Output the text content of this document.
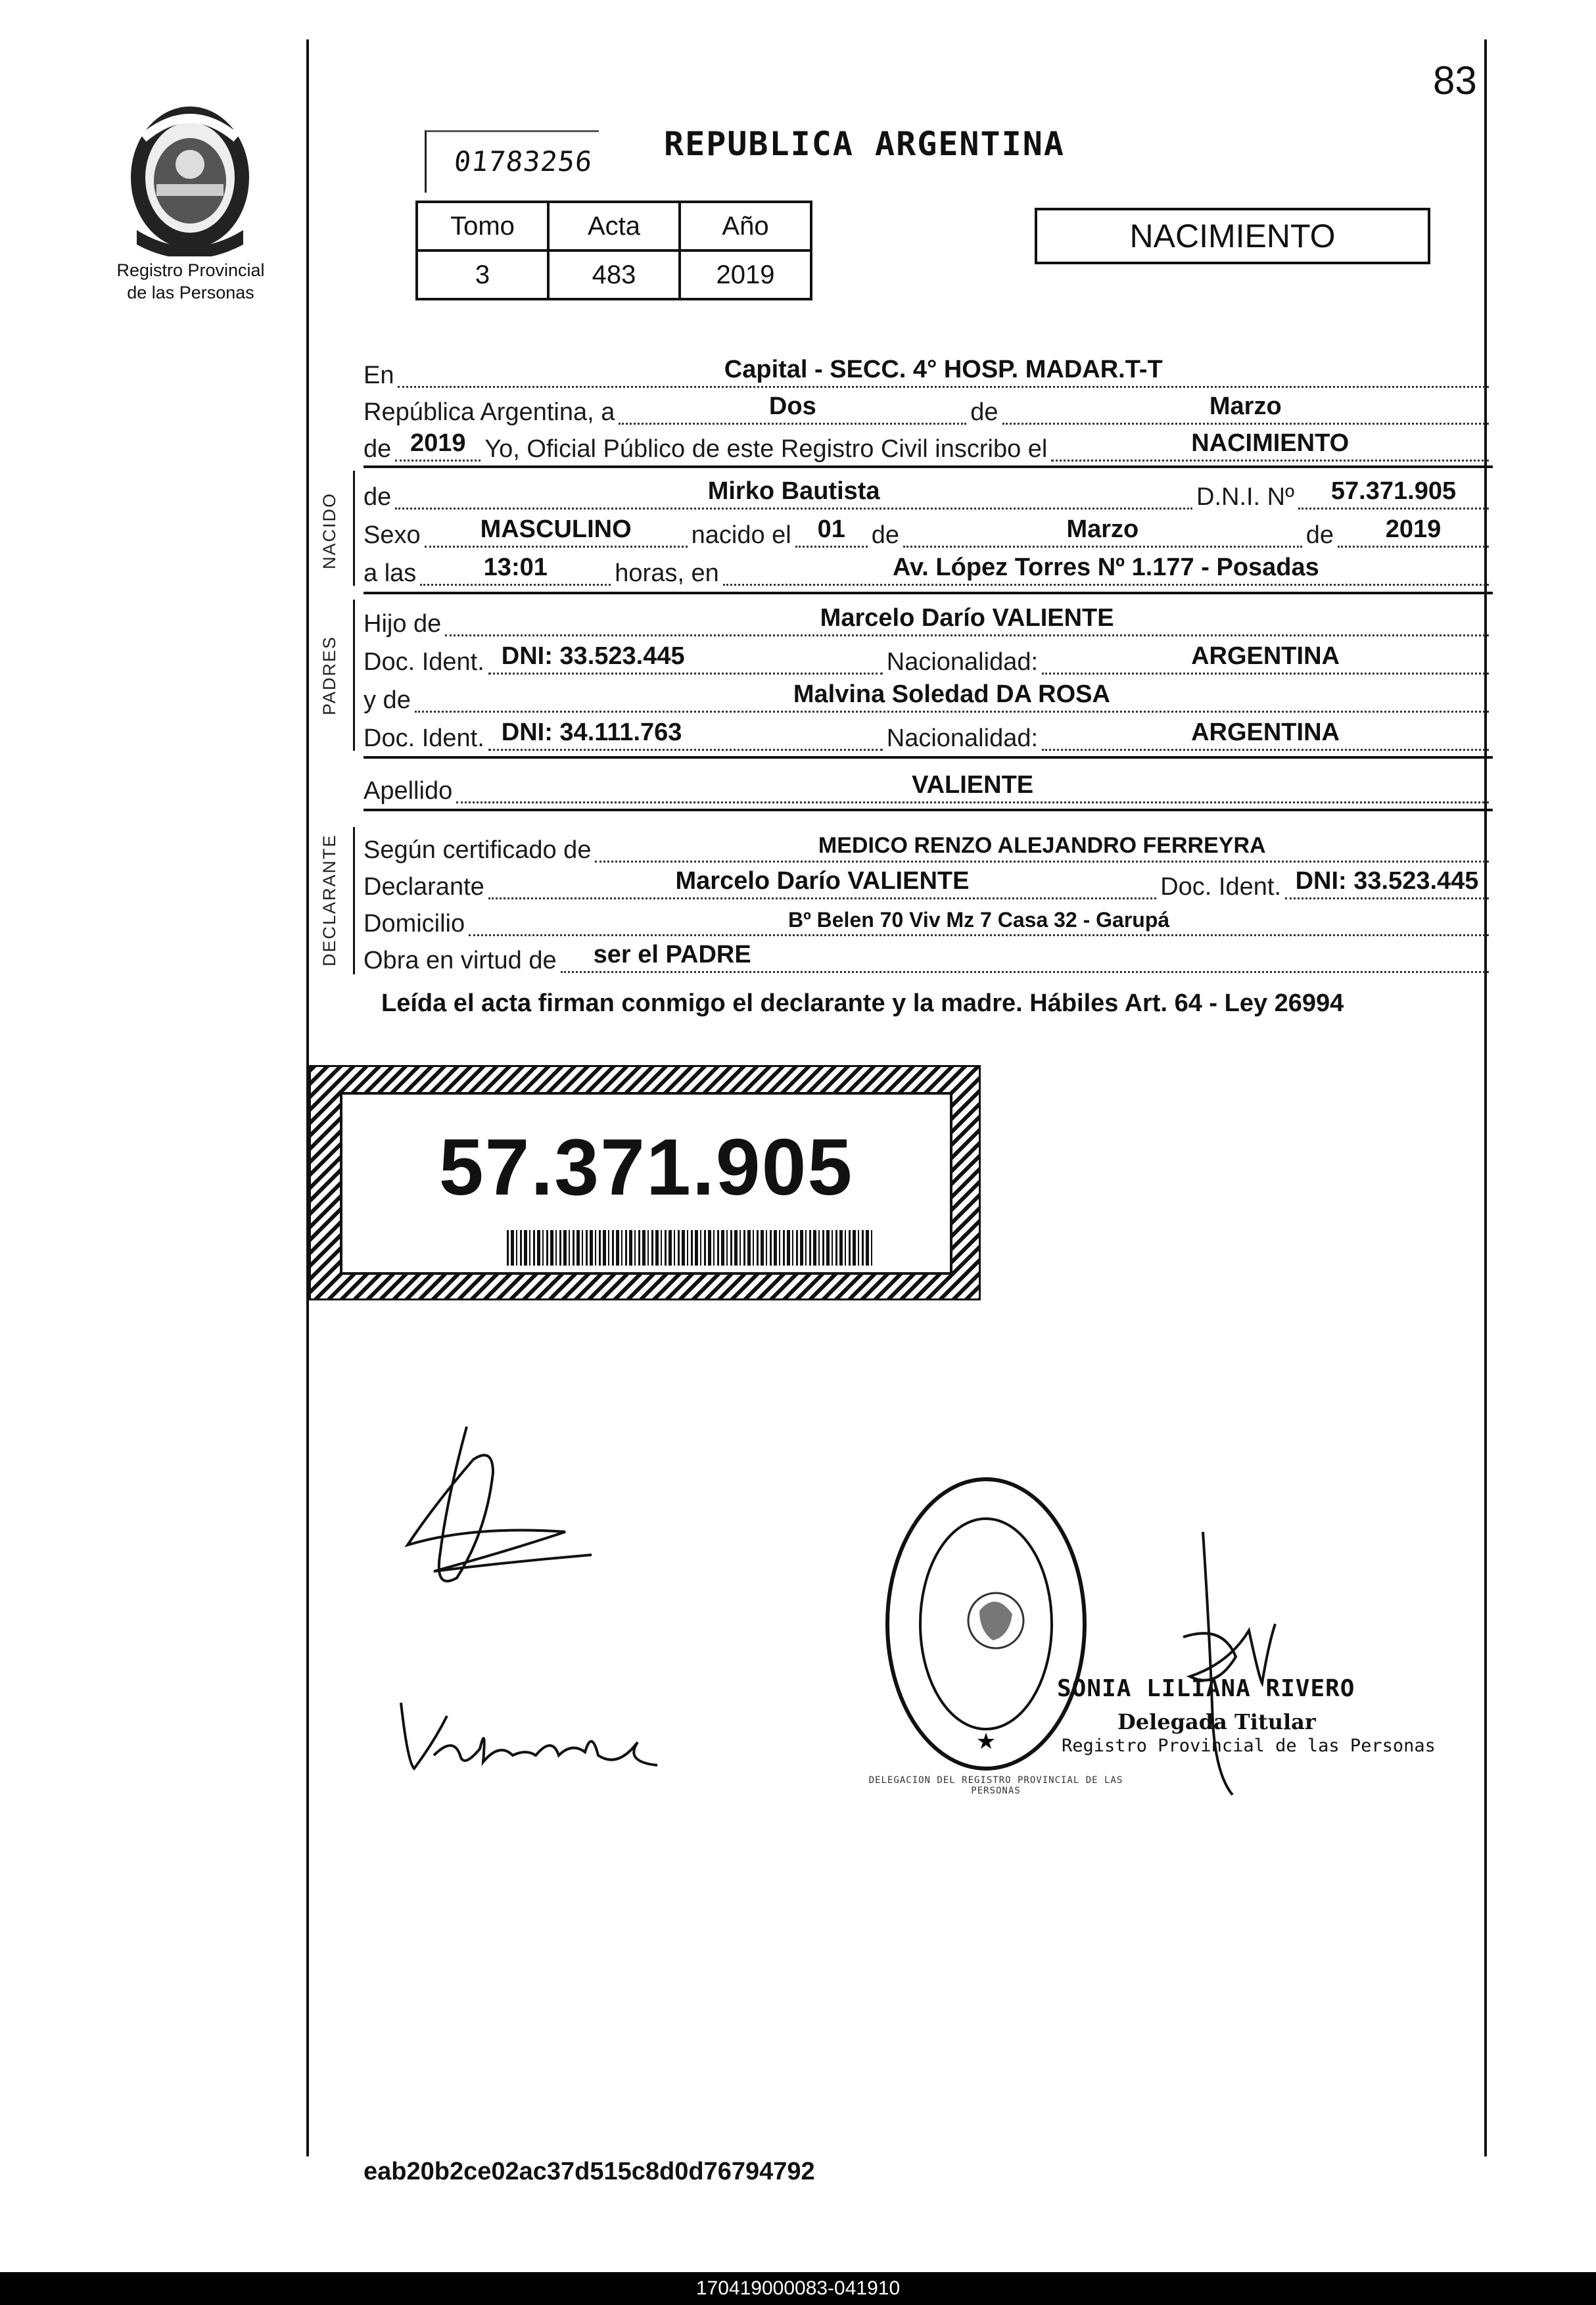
83
Registro Provincial
de las Personas
01783256 REPUBLICA ARGENTINA
Tomo	Acta	Año
3	483	2019
NACIMIENTO
En	Capital - SECC. 4° HOSP. MADAR.T-T
República Argentina, a	Dos	de	Marzo
de 2019 Yo, Oficial Público de este Registro Civil inscribo el	NACIMIENTO
NACIDO de	Mirko Bautista	D.N.I. Nº	57.371.905
Sexo	MASCULINO	nacido el	01	de	Marzo	de	2019
a las	13:01	horas, en	Av. López Torres Nº 1.177 - Posadas
PADRES
Hijo de	Marcelo Darío VALIENTE
Doc. Ident. DNI: 33.523.445	Nacionalidad:	ARGENTINA
y de	Malvina Soledad DA ROSA
Doc. Ident. DNI: 34.111.763	Nacionalidad:	ARGENTINA
Apellido	VALIENTE
DECLARANTE Según certificado de	MEDICO RENZO ALEJANDRO FERREYRA
Declarante	Marcelo Darío VALIENTE	Doc. Ident. DNI: 33.523.445
Domicilio	Bº Belen 70 Viv Mz 7 Casa 32 - Garupá
Obra en virtud de ser el PADRE
Leída el acta firman conmigo el declarante y la madre. Hábiles Art. 64 - Ley 26994
57.371.905
★
DELEGACION DEL REGISTRO PROVINCIAL DE LAS PERSONAS
SONIA LILIANA RIVERO
Delegada Titular
Registro Provincial de las Personas
eab20b2ce02ac37d515c8d0d76794792
170419000083-041910
